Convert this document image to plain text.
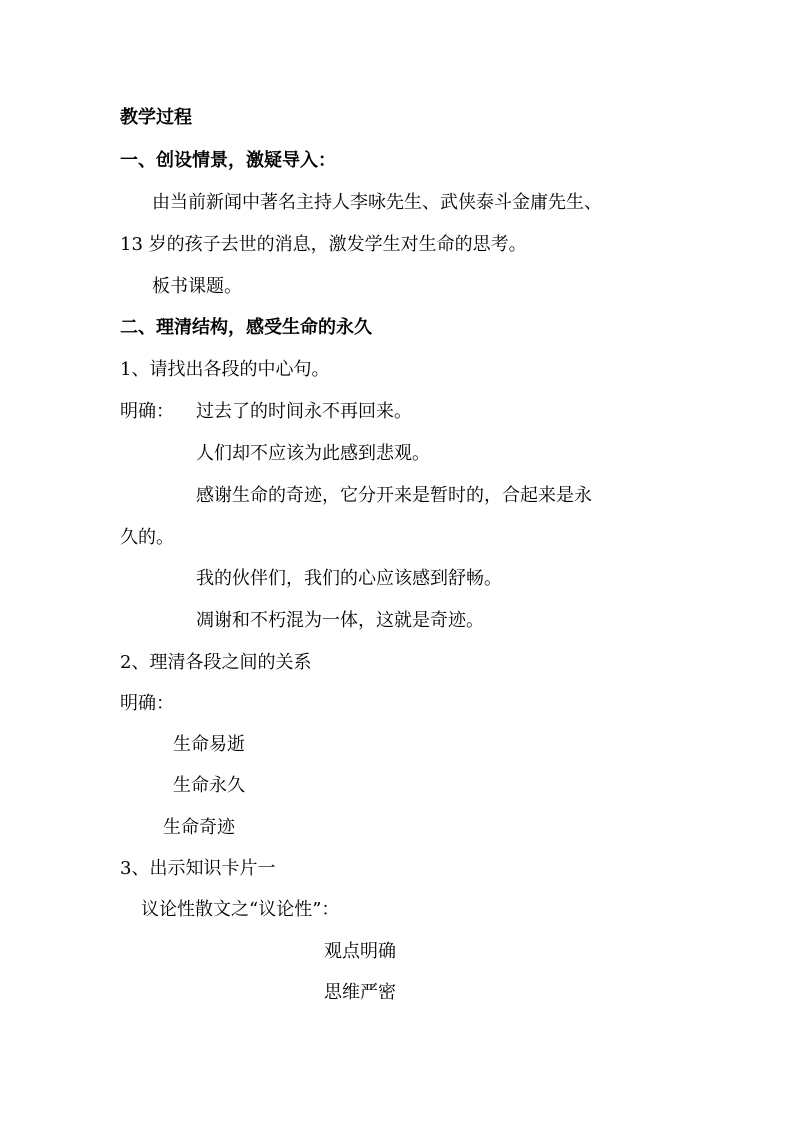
教学过程
一、创设情景，激疑导入：
由当前新闻中著名主持人李咏先生、武侠泰斗金庸先生、
13 岁的孩子去世的消息，激发学生对生命的思考。
板书课题。
二、理清结构，感受生命的永久
1、请找出各段的中心句。
明确： 过去了的时间永不再回来。
人们却不应该为此感到悲观。
感谢生命的奇迹，它分开来是暂时的，合起来是永
久的。
我的伙伴们，我们的心应该感到舒畅。
凋谢和不朽混为一体，这就是奇迹。
2、理清各段之间的关系
明确：
生命易逝
生命永久
生命奇迹
3、出示知识卡片一
议论性散文之“议论性”：
观点明确
思维严密
